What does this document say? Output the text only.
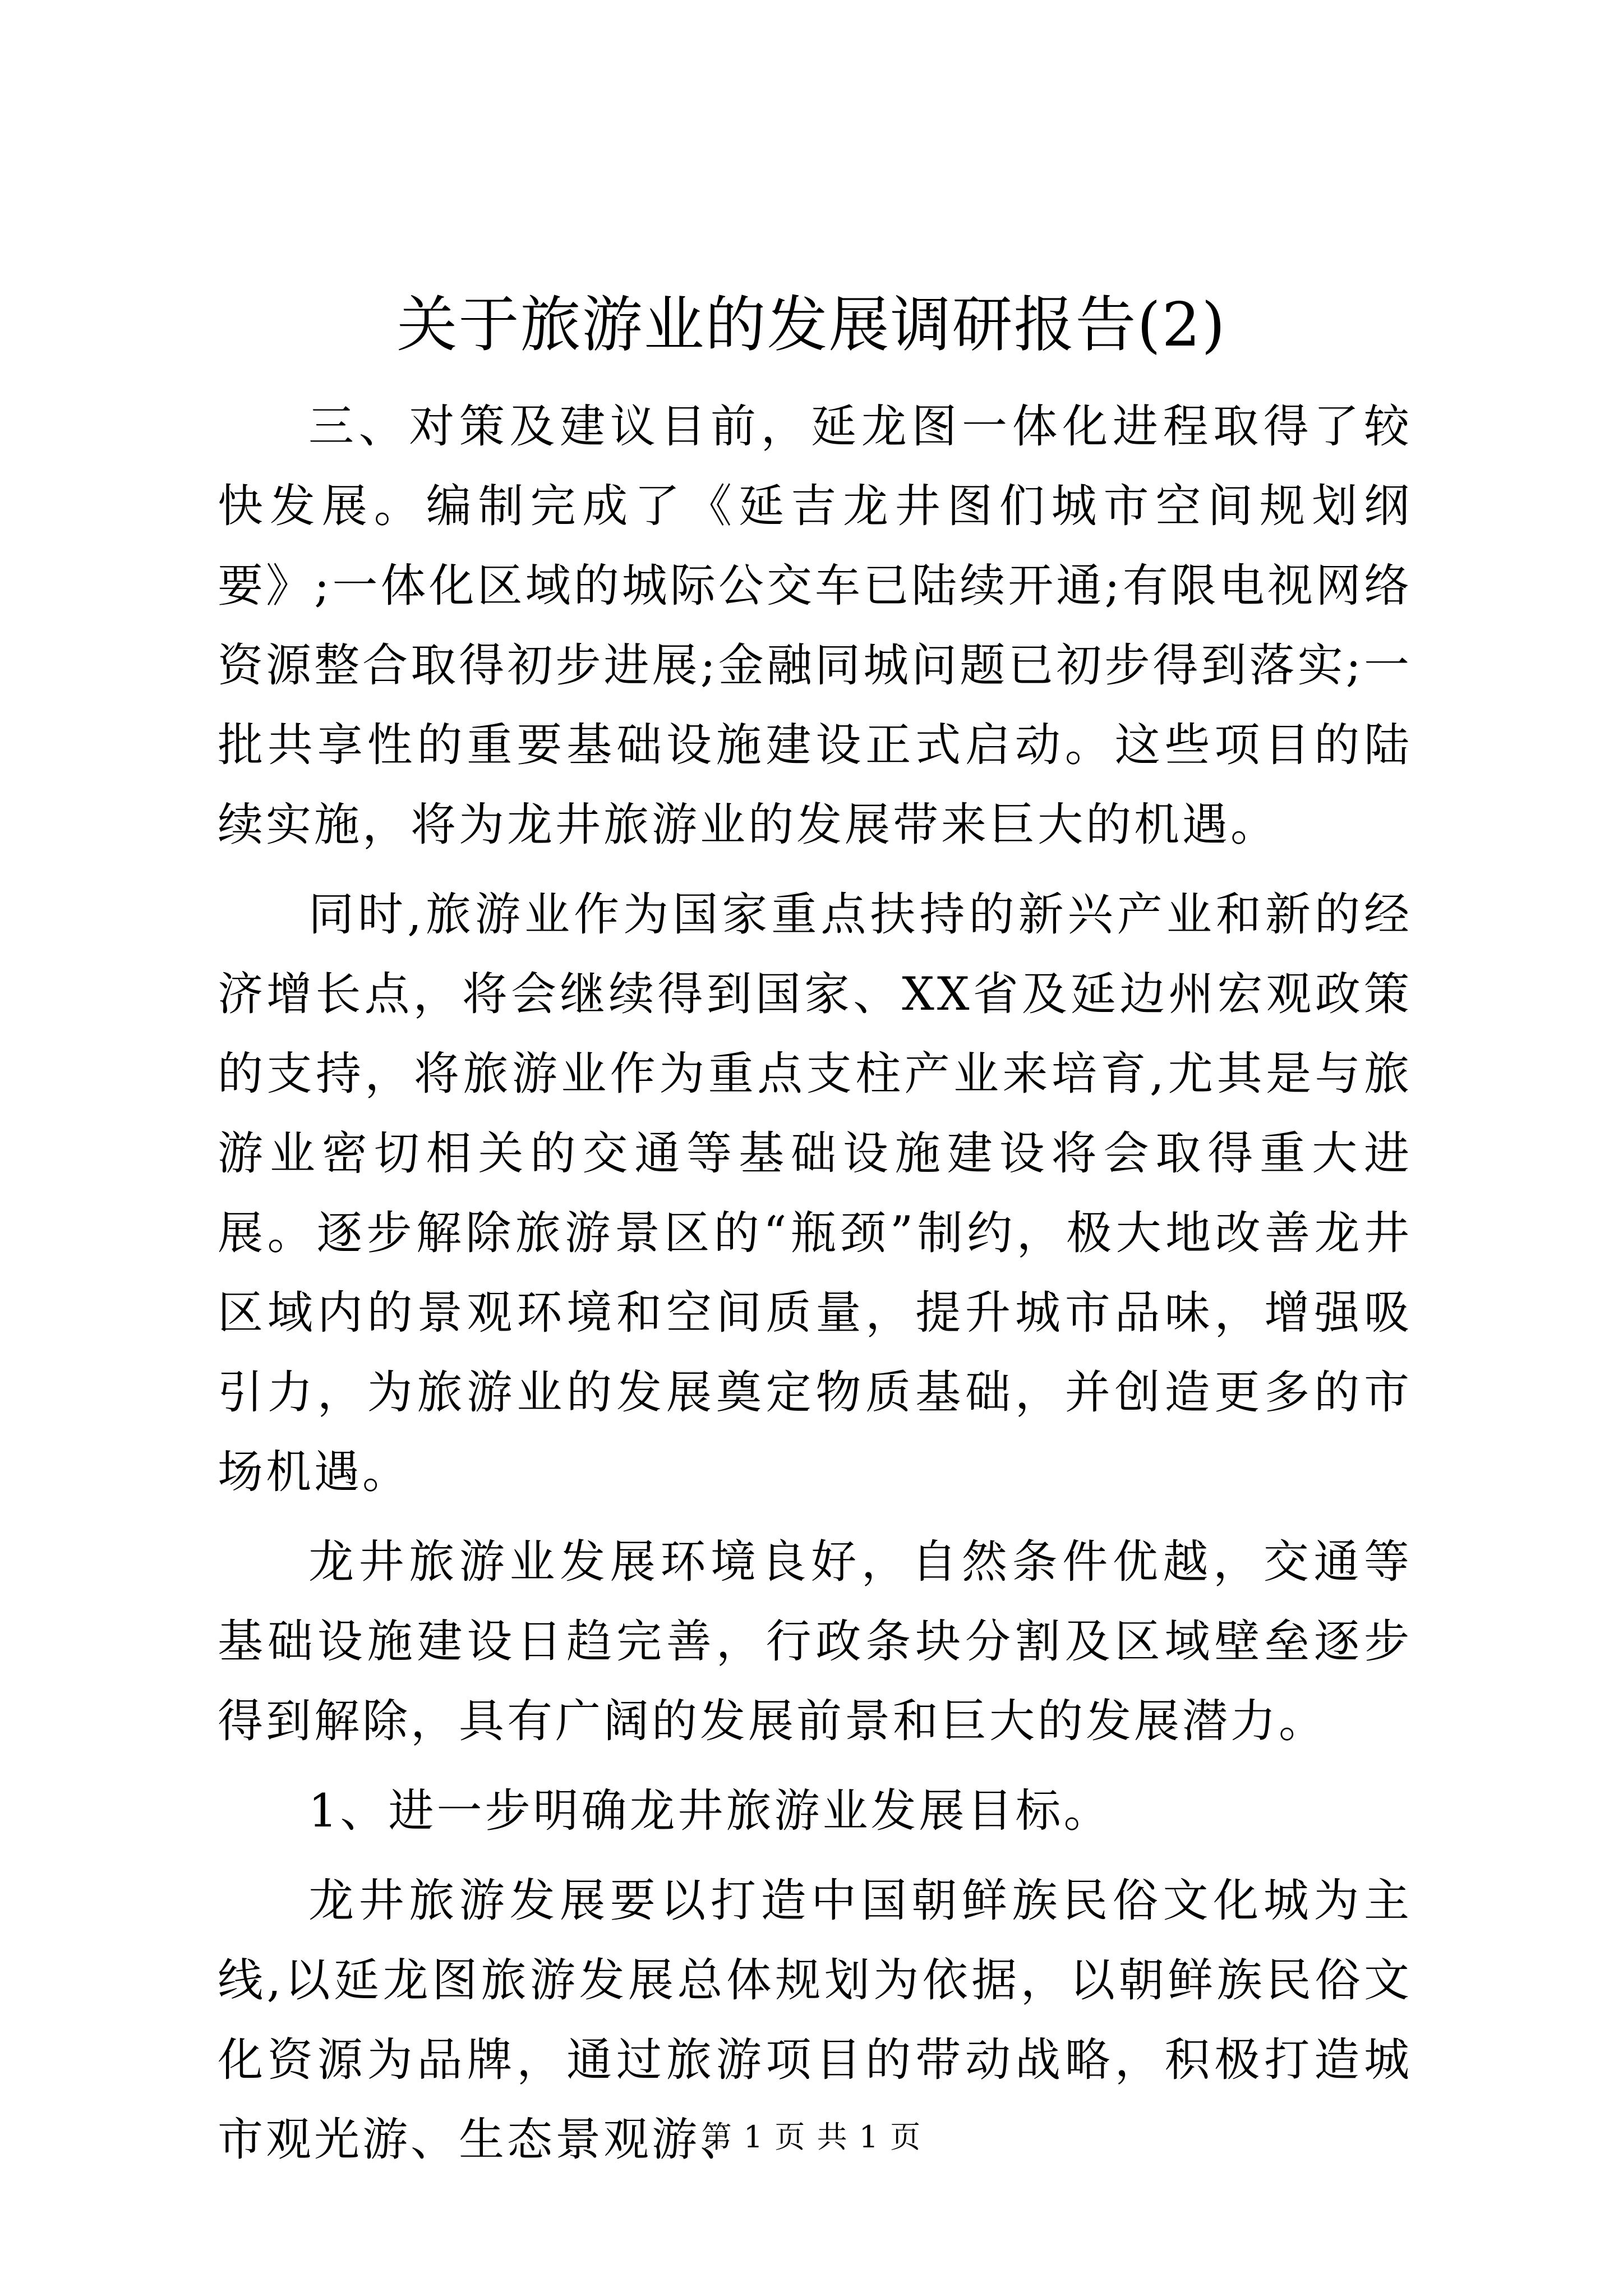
关于旅游业的发展调研报告(2)

三、对策及建议目前，延龙图一体化进程取得了较快发展。编制完成了《延吉龙井图们城市空间规划纲要》;一体化区域的城际公交车已陆续开通;有限电视网络资源整合取得初步进展;金融同城问题已初步得到落实;一批共享性的重要基础设施建设正式启动。这些项目的陆续实施，将为龙井旅游业的发展带来巨大的机遇。

同时,旅游业作为国家重点扶持的新兴产业和新的经济增长点，将会继续得到国家、XX省及延边州宏观政策的支持，将旅游业作为重点支柱产业来培育,尤其是与旅游业密切相关的交通等基础设施建设将会取得重大进展。逐步解除旅游景区的“瓶颈”制约，极大地改善龙井区域内的景观环境和空间质量，提升城市品味，增强吸引力，为旅游业的发展奠定物质基础，并创造更多的市场机遇。

龙井旅游业发展环境良好，自然条件优越，交通等基础设施建设日趋完善，行政条块分割及区域壁垒逐步得到解除，具有广阔的发展前景和巨大的发展潜力。

1、进一步明确龙井旅游业发展目标。

龙井旅游发展要以打造中国朝鲜族民俗文化城为主线,以延龙图旅游发展总体规划为依据，以朝鲜族民俗文化资源为品牌，通过旅游项目的带动战略，积极打造城市观光游、生态景观游、

第 1 页 共 1 页
